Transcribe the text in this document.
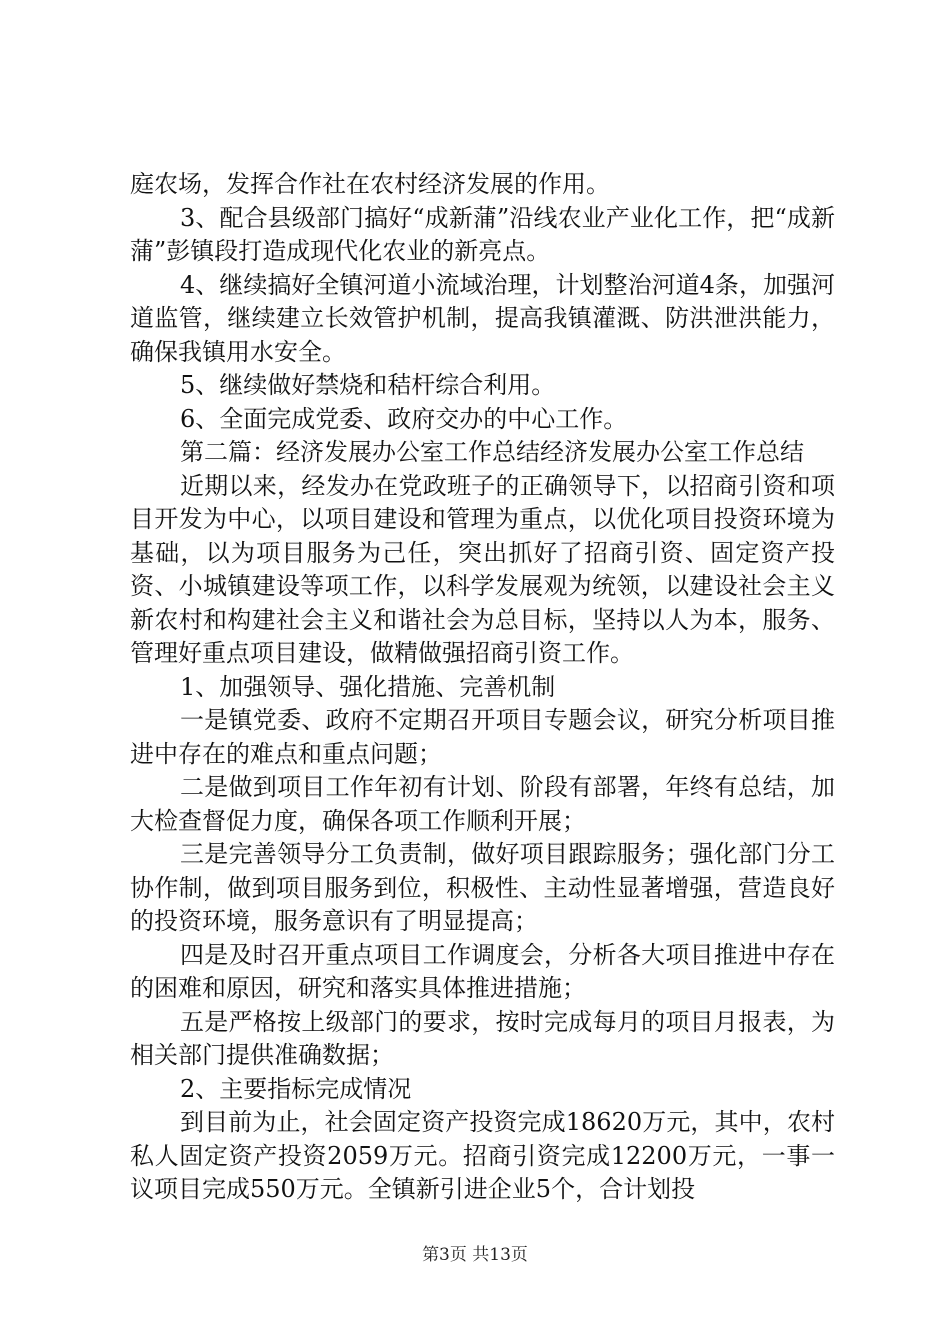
庭农场，发挥合作社在农村经济发展的作用。

3、配合县级部门搞好“成新蒲”沿线农业产业化工作，把“成新蒲”彭镇段打造成现代化农业的新亮点。

4、继续搞好全镇河道小流域治理，计划整治河道4条，加强河道监管，继续建立长效管护机制，提高我镇灌溉、防洪泄洪能力，确保我镇用水安全。

5、继续做好禁烧和秸杆综合利用。

6、全面完成党委、政府交办的中心工作。

第二篇：经济发展办公室工作总结经济发展办公室工作总结

近期以来，经发办在党政班子的正确领导下，以招商引资和项目开发为中心，以项目建设和管理为重点，以优化项目投资环境为基础，以为项目服务为己任，突出抓好了招商引资、固定资产投资、小城镇建设等项工作，以科学发展观为统领，以建设社会主义新农村和构建社会主义和谐社会为总目标，坚持以人为本，服务、管理好重点项目建设，做精做强招商引资工作。

1、加强领导、强化措施、完善机制

一是镇党委、政府不定期召开项目专题会议，研究分析项目推进中存在的难点和重点问题；

二是做到项目工作年初有计划、阶段有部署，年终有总结，加大检查督促力度，确保各项工作顺利开展；

三是完善领导分工负责制，做好项目跟踪服务；强化部门分工协作制，做到项目服务到位，积极性、主动性显著增强，营造良好的投资环境，服务意识有了明显提高；

四是及时召开重点项目工作调度会，分析各大项目推进中存在的困难和原因，研究和落实具体推进措施；

五是严格按上级部门的要求，按时完成每月的项目月报表，为相关部门提供准确数据；

2、主要指标完成情况

到目前为止，社会固定资产投资完成18620万元，其中，农村私人固定资产投资2059万元。招商引资完成12200万元，一事一议项目完成550万元。全镇新引进企业5个，合计划投

第3页 共13页
